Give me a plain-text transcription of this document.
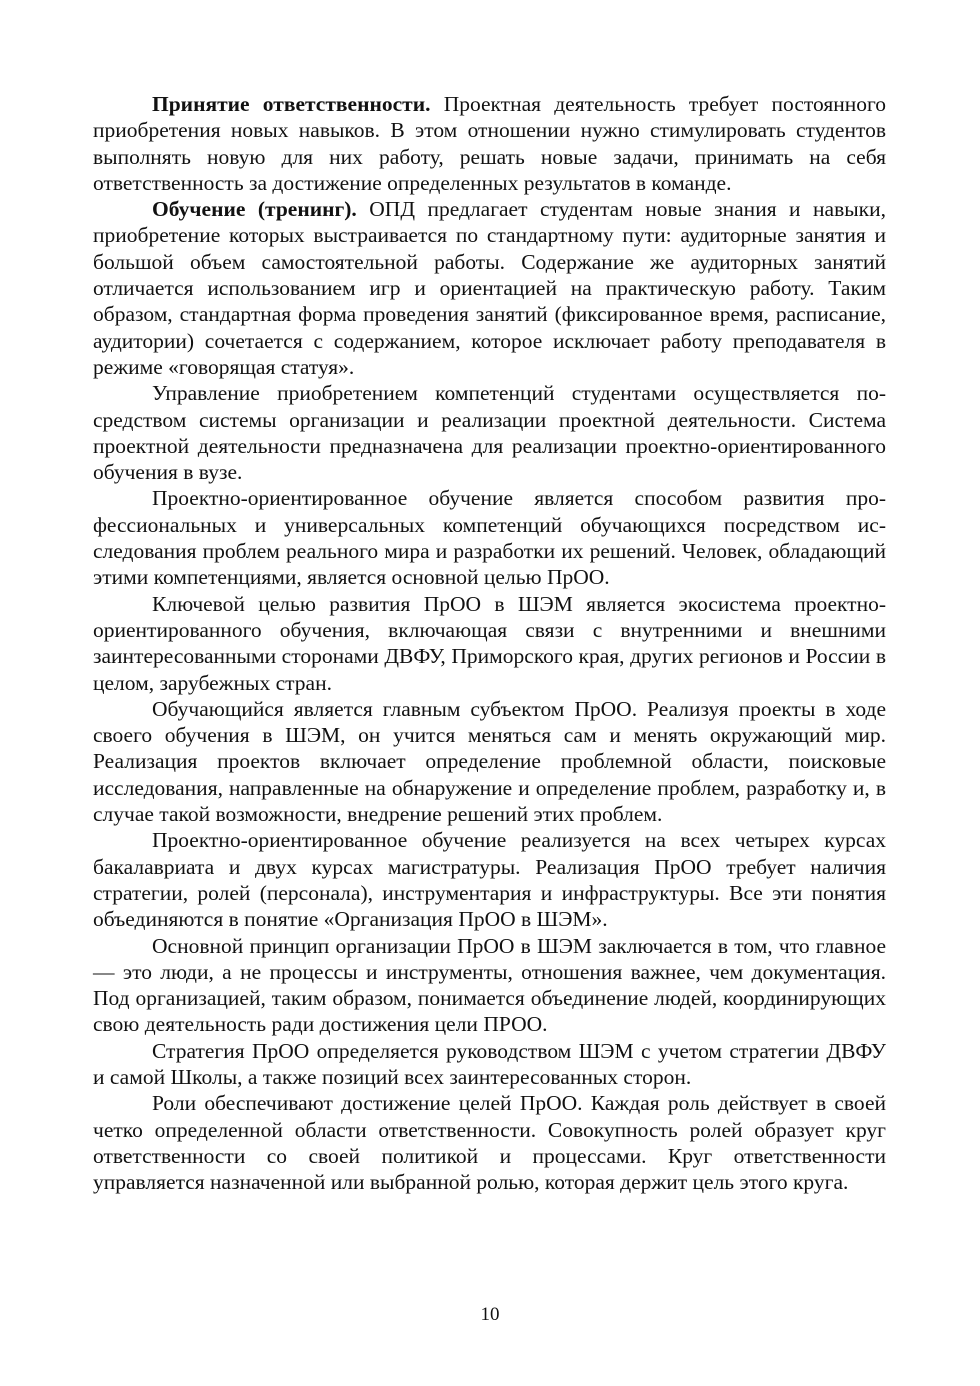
Принятие ответственности. Проектная деятельность требует постоянного приобретения новых навыков. В этом отношении нужно стимулировать студентов выполнять новую для них работу, решать новые задачи, принимать на себя ответственность за достижение определенных результатов в команде.

Обучение (тренинг). ОПД предлагает студентам новые знания и навыки, приобретение которых выстраивается по стандартному пути: аудиторные занятия и большой объем самостоятельной работы. Содержание же аудиторных занятий отличается использованием игр и ориентацией на практическую работу. Таким образом, стандартная форма проведения занятий (фиксированное время, расписание, аудитории) сочетается с содержанием, которое исключает работу преподавателя в режиме «говорящая статуя».

Управление приобретением компетенций студентами осуществляется посредством системы организации и реализации проектной деятельности. Система проектной деятельности предназначена для реализации проектно-ориентированного обучения в вузе.

Проектно-ориентированное обучение является способом развития профессиональных и универсальных компетенций обучающихся посредством исследования проблем реального мира и разработки их решений. Человек, обладающий этими компетенциями, является основной целью ПрОО.

Ключевой целью развития ПрОО в ШЭМ является экосистема проектно-ориентированного обучения, включающая связи с внутренними и внешними заинтересованными сторонами ДВФУ, Приморского края, других регионов и России в целом, зарубежных стран.

Обучающийся является главным субъектом ПрОО. Реализуя проекты в ходе своего обучения в ШЭМ, он учится меняться сам и менять окружающий мир. Реализация проектов включает определение проблемной области, поисковые исследования, направленные на обнаружение и определение проблем, разработку и, в случае такой возможности, внедрение решений этих проблем.

Проектно-ориентированное обучение реализуется на всех четырех курсах бакалавриата и двух курсах магистратуры. Реализация ПрОО требует наличия стратегии, ролей (персонала), инструментария и инфраструктуры. Все эти понятия объединяются в понятие «Организация ПрОО в ШЭМ».

Основной принцип организации ПрОО в ШЭМ заключается в том, что главное — это люди, а не процессы и инструменты, отношения важнее, чем документация. Под организацией, таким образом, понимается объединение людей, координирующих свою деятельность ради достижения цели ПРОО.

Стратегия ПрОО определяется руководством ШЭМ с учетом стратегии ДВФУ и самой Школы, а также позиций всех заинтересованных сторон.

Роли обеспечивают достижение целей ПрОО. Каждая роль действует в своей четко определенной области ответственности. Совокупность ролей образует круг ответственности со своей политикой и процессами. Круг ответственности управляется назначенной или выбранной ролью, которая держит цель этого круга.

10
